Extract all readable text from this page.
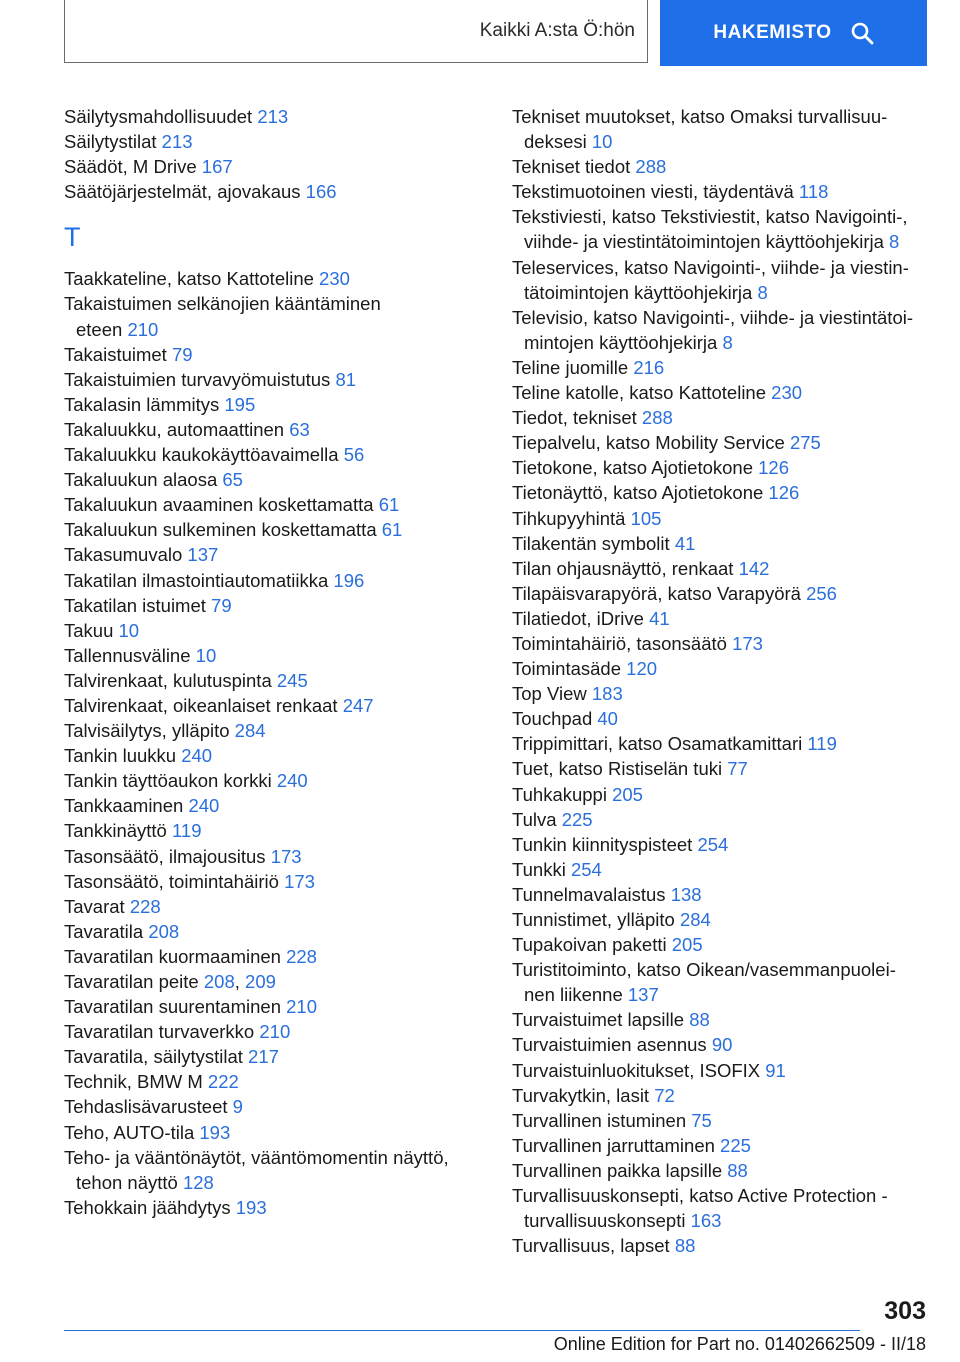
Kaikki A:sta Ö:hön	HAKEMISTO
Säilytysmahdollisuudet 213
Säilytystilat 213
Säädöt, M Drive 167
Säätöjärjestelmät, ajovakaus 166
T
Taakkateline, katso Kattoteline 230
Takaistuimen selkänojien kääntäminen
eteen 210
Takaistuimet 79
Takaistuimien turvavyömuistutus 81
Takalasin lämmitys 195
Takaluukku, automaattinen 63
Takaluukku kaukokäyttöavaimella 56
Takaluukun alaosa 65
Takaluukun avaaminen koskettamatta 61
Takaluukun sulkeminen koskettamatta 61
Takasumuvalo 137
Takatilan ilmastointiautomatiikka 196
Takatilan istuimet 79
Takuu 10
Tallennusväline 10
Talvirenkaat, kulutuspinta 245
Talvirenkaat, oikeanlaiset renkaat 247
Talvisäilytys, ylläpito 284
Tankin luukku 240
Tankin täyttöaukon korkki 240
Tankkaaminen 240
Tankkinäyttö 119
Tasonsäätö, ilmajousitus 173
Tasonsäätö, toimintahäiriö 173
Tavarat 228
Tavaratila 208
Tavaratilan kuormaaminen 228
Tavaratilan peite 208, 209
Tavaratilan suurentaminen 210
Tavaratilan turvaverkko 210
Tavaratila, säilytystilat 217
Technik, BMW M 222
Tehdaslisävarusteet 9
Teho, AUTO-tila 193
Teho- ja vääntönäytöt, vääntömomentin näyttö,
tehon näyttö 128
Tehokkain jäähdytys 193
Tekniset muutokset, katso Omaksi turvallisuu-
deksesi 10
Tekniset tiedot 288
Tekstimuotoinen viesti, täydentävä 118
Tekstiviesti, katso Tekstiviestit, katso Navigointi-,
viihde- ja viestintätoimintojen käyttöohjekirja 8
Teleservices, katso Navigointi-, viihde- ja viestin-
tätoimintojen käyttöohjekirja 8
Televisio, katso Navigointi-, viihde- ja viestintätoi-
mintojen käyttöohjekirja 8
Teline juomille 216
Teline katolle, katso Kattoteline 230
Tiedot, tekniset 288
Tiepalvelu, katso Mobility Service 275
Tietokone, katso Ajotietokone 126
Tietonäyttö, katso Ajotietokone 126
Tihkupyyhintä 105
Tilakentän symbolit 41
Tilan ohjausnäyttö, renkaat 142
Tilapäisvarapyörä, katso Varapyörä 256
Tilatiedot, iDrive 41
Toimintahäiriö, tasonsäätö 173
Toimintasäde 120
Top View 183
Touchpad 40
Trippimittari, katso Osamatkamittari 119
Tuet, katso Ristiselän tuki 77
Tuhkakuppi 205
Tulva 225
Tunkin kiinnityspisteet 254
Tunkki 254
Tunnelmavalaistus 138
Tunnistimet, ylläpito 284
Tupakoivan paketti 205
Turistitoiminto, katso Oikean/vasemmanpuolei-
nen liikenne 137
Turvaistuimet lapsille 88
Turvaistuimien asennus 90
Turvaistuinluokitukset, ISOFIX 91
Turvakytkin, lasit 72
Turvallinen istuminen 75
Turvallinen jarruttaminen 225
Turvallinen paikka lapsille 88
Turvallisuuskonsepti, katso Active Protection -
turvallisuuskonsepti 163
Turvallisuus, lapset 88
303
Online Edition for Part no. 01402662509 - II/18
